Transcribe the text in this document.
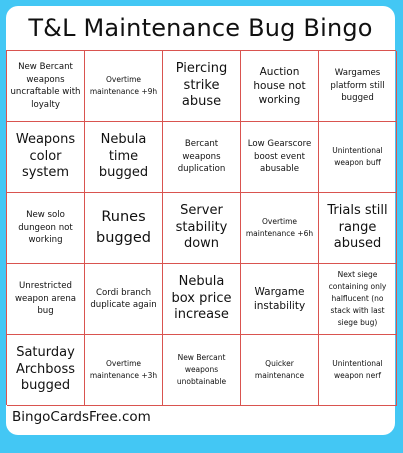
T&L Maintenance Bug Bingo
New Bercant weapons uncraftable with loyalty
Overtime maintenance +9h
Piercing strike abuse
Auction house not working
Wargames platform still bugged
Weapons color system
Nebula time bugged
Bercant weapons duplication
Low Gearscore boost event abusable
Unintentional weapon buff
New solo dungeon not working
Runes bugged
Server stability down
Overtime maintenance +6h
Trials still range abused
Unrestricted weapon arena bug
Cordi branch duplicate again
Nebula box price increase
Wargame instability
Next siege containing only halflucent (no stack with last siege bug)
Saturday Archboss bugged
Overtime maintenance +3h
New Bercant weapons unobtainable
Quicker maintenance
Unintentional weapon nerf
BingoCardsFree.com
